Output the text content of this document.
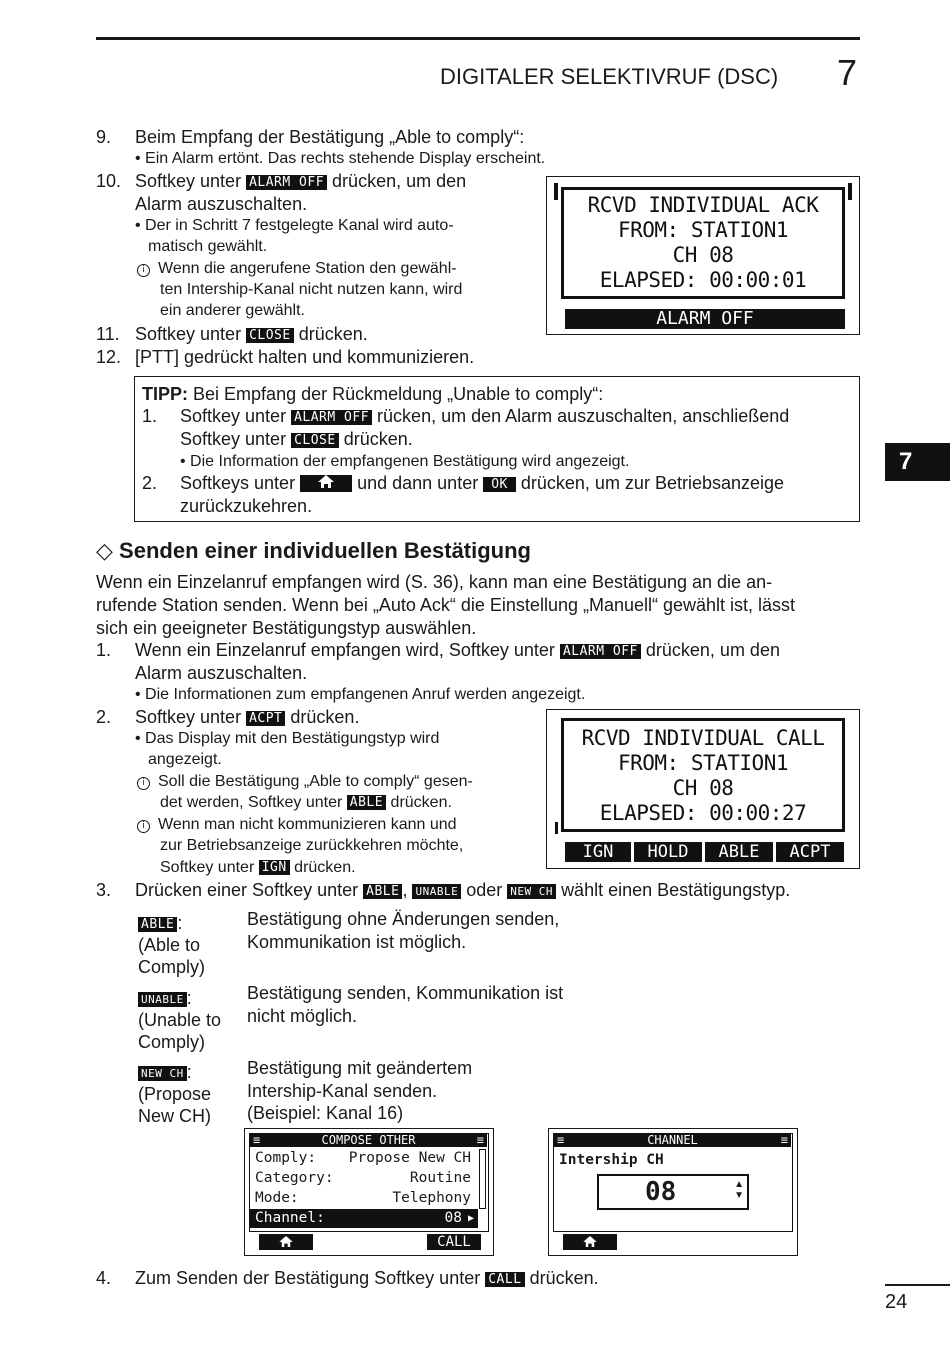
DIGITALER SELEKTIVRUF (DSC) 7
7
9. Beim Empfang der Bestätigung „Able to comply“:
• Ein Alarm ertönt. Das rechts stehende Display erscheint.
10. Softkey unter ALARM OFF drücken, um den
Alarm auszuschalten.
• Der in Schritt 7 festgelegte Kanal wird auto-
matisch gewählt.
i Wenn die angerufene Station den gewähl-
ten Intership-Kanal nicht nutzen kann, wird
ein anderer gewählt.
11. Softkey unter CLOSE drücken.
12. [PTT] gedrückt halten und kommunizieren.
RCVD INDIVIDUAL ACK
FROM: STATION1
CH 08
ELAPSED: 00:00:01
ALARM OFF
TIPP: Bei Empfang der Rückmeldung „Unable to comply“:
1. Softkey unter ALARM OFF rücken, um den Alarm auszuschalten, anschließend
Softkey unter CLOSE drücken.
• Die Information der empfangenen Bestätigung wird angezeigt.
2. Softkeys unter	und dann unter OK drücken, um zur Betriebsanzeige
zurückzukehren.
◇ Senden einer individuellen Bestätigung
Wenn ein Einzelanruf empfangen wird (S. 36), kann man eine Bestätigung an die an-
rufende Station senden. Wenn bei „Auto Ack“ die Einstellung „Manuell“ gewählt ist, lässt
sich ein geeigneter Bestätigungstyp auswählen.
1. Wenn ein Einzelanruf empfangen wird, Softkey unter ALARM OFF drücken, um den
Alarm auszuschalten.
• Die Informationen zum empfangenen Anruf werden angezeigt.
2. Softkey unter ACPT drücken.
• Das Display mit den Bestätigungstyp wird
angezeigt.
i Soll die Bestätigung „Able to comply“ gesen-
det werden, Softkey unter ABLE drücken.
i Wenn man nicht kommunizieren kann und
zur Betriebsanzeige zurückkehren möchte,
Softkey unter IGN drücken.
RCVD INDIVIDUAL CALL
FROM: STATION1
CH 08
ELAPSED: 00:00:27
IGN	HOLD	ABLE	ACPT
3. Drücken einer Softkey unter ABLE , UNABLE oder NEW CH wählt einen Bestätigungstyp.
ABLE :
(Able to
Comply)
Bestätigung ohne Änderungen senden,
Kommunikation ist möglich.
UNABLE :
(Unable to
Comply)
Bestätigung senden, Kommunikation ist
nicht möglich.
NEW CH :
(Propose
New CH)
Bestätigung mit geändertem
Intership-Kanal senden.
(Beispiel: Kanal 16)
≡	COMPOSE OTHER	≡
Comply: Propose New CH
Category:	Routine
Mode:	Telephony
Channel:	08 ▶
CALL
≡	CHANNEL	≡
Intership CH
08	▲
▼
4. Zum Senden der Bestätigung Softkey unter CALL drücken.
24
